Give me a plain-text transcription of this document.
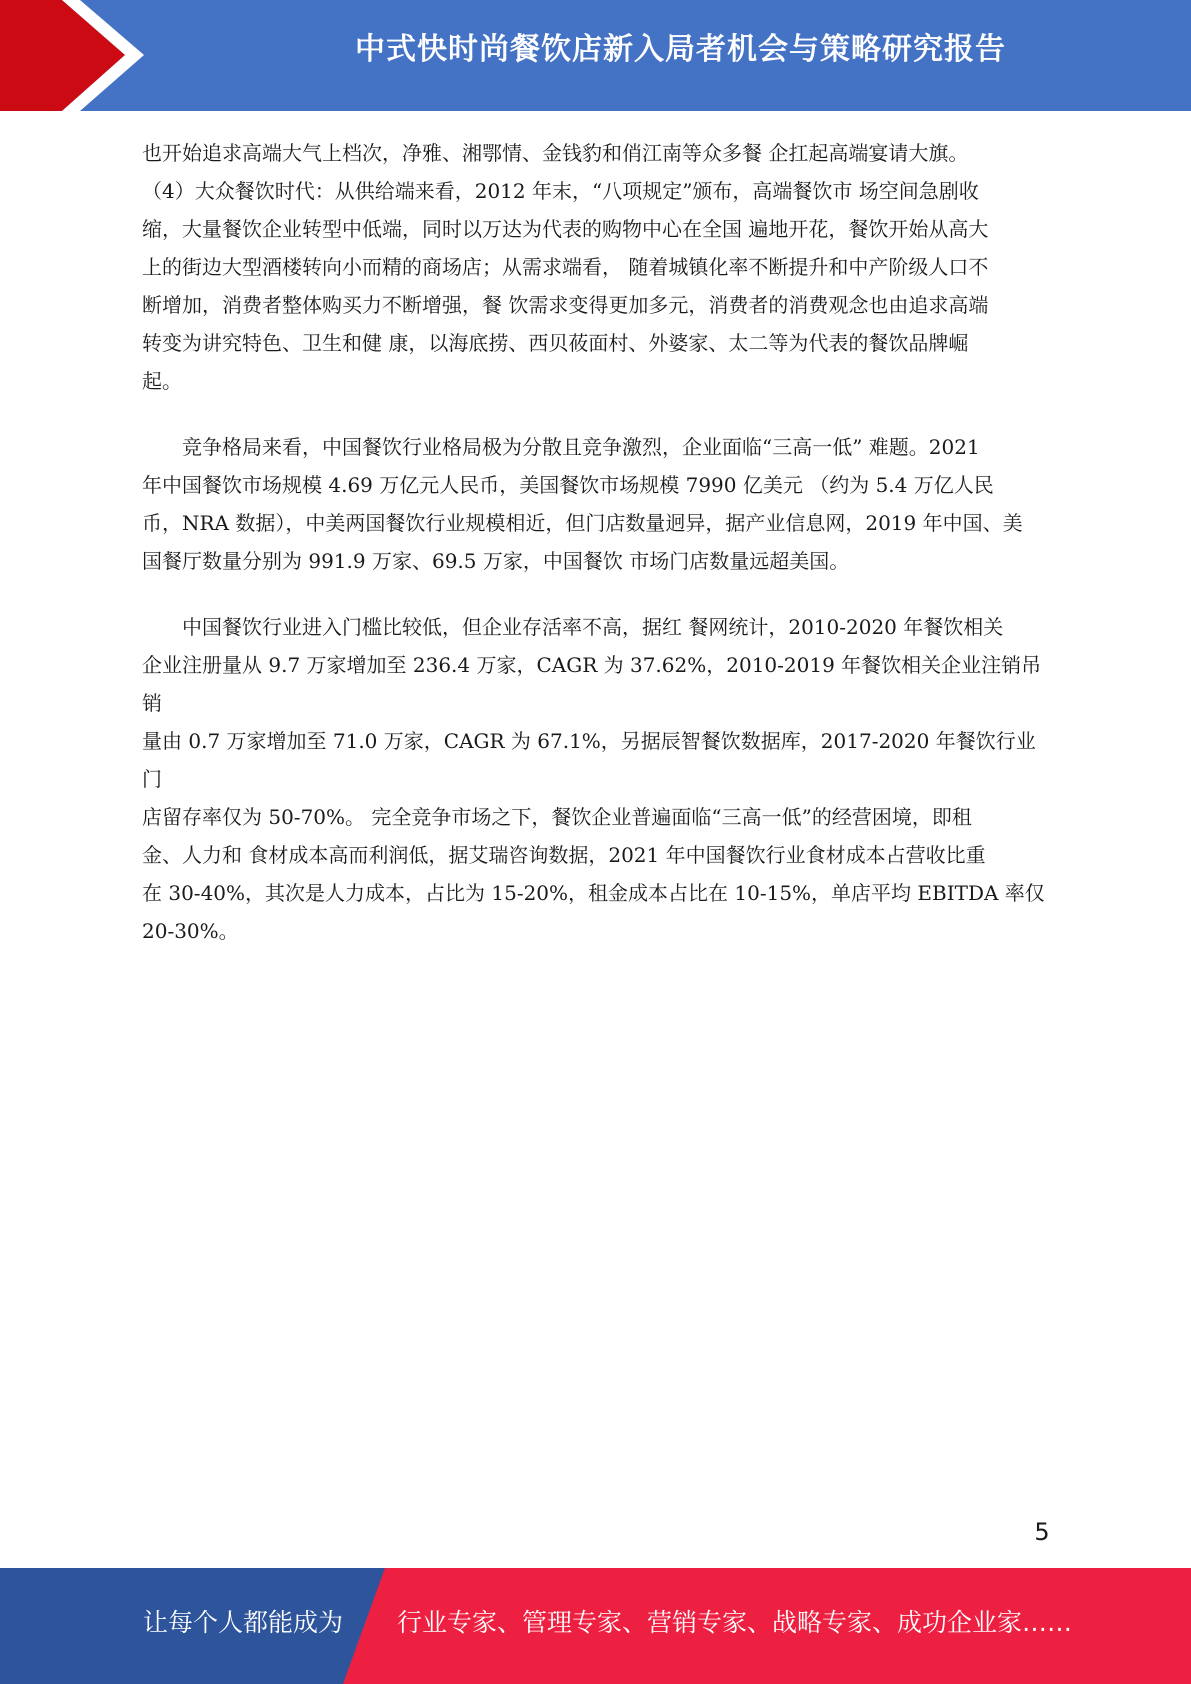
中式快时尚餐饮店新入局者机会与策略研究报告

也开始追求高端大气上档次，净雅、湘鄂情、金钱豹和俏江南等众多餐 企扛起高端宴请大旗。
（4）大众餐饮时代：从供给端来看，2012 年末，“八项规定”颁布，高端餐饮市 场空间急剧收
缩，大量餐饮企业转型中低端，同时以万达为代表的购物中心在全国 遍地开花，餐饮开始从高大
上的街边大型酒楼转向小而精的商场店；从需求端看， 随着城镇化率不断提升和中产阶级人口不
断增加，消费者整体购买力不断增强，餐 饮需求变得更加多元，消费者的消费观念也由追求高端
转变为讲究特色、卫生和健 康，以海底捞、西贝莜面村、外婆家、太二等为代表的餐饮品牌崛
起。

竞争格局来看，中国餐饮行业格局极为分散且竞争激烈，企业面临“三高一低” 难题。2021
年中国餐饮市场规模 4.69 万亿元人民币，美国餐饮市场规模 7990 亿美元 （约为 5.4 万亿人民
币，NRA 数据），中美两国餐饮行业规模相近，但门店数量迥异，据产业信息网，2019 年中国、美
国餐厅数量分别为 991.9 万家、69.5 万家，中国餐饮 市场门店数量远超美国。

中国餐饮行业进入门槛比较低，但企业存活率不高，据红 餐网统计，2010-2020 年餐饮相关
企业注册量从 9.7 万家增加至 236.4 万家，CAGR 为 37.62%，2010-2019 年餐饮相关企业注销吊销
量由 0.7 万家增加至 71.0 万家，CAGR 为 67.1%，另据辰智餐饮数据库，2017-2020 年餐饮行业门
店留存率仅为 50-70%。 完全竞争市场之下，餐饮企业普遍面临“三高一低”的经营困境，即租
金、人力和 食材成本高而利润低，据艾瑞咨询数据，2021 年中国餐饮行业食材成本占营收比重
在 30-40%，其次是人力成本，占比为 15-20%，租金成本占比在 10-15%，单店平均 EBITDA 率仅
20-30%。

5
让每个人都能成为 行业专家、管理专家、营销专家、战略专家、成功企业家……
